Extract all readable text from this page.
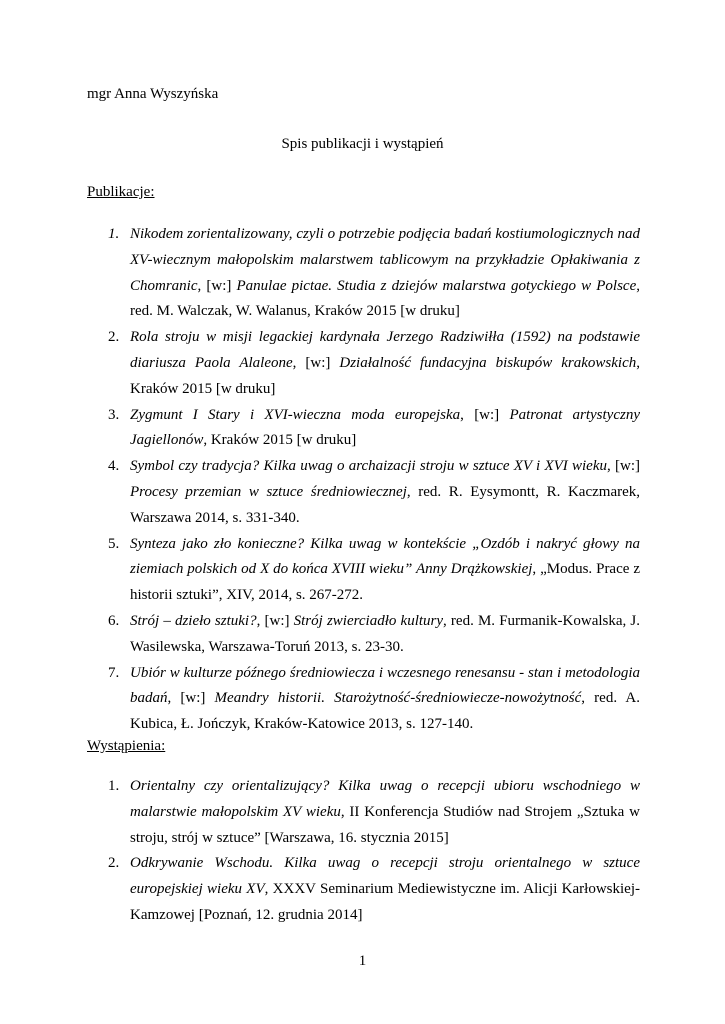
mgr Anna Wyszyńska
Spis publikacji i wystąpień
Publikacje:
1. Nikodem zorientalizowany, czyli o potrzebie podjęcia badań kostiumologicznych nad XV-wiecznym małopolskim malarstwem tablicowym na przykładzie Opłakiwania z Chomranic, [w:] Panulae pictae. Studia z dziejów malarstwa gotyckiego w Polsce, red. M. Walczak, W. Walanus, Kraków 2015 [w druku]
2. Rola stroju w misji legackiej kardynała Jerzego Radziwiłła (1592) na podstawie diariusza Paola Alaleone, [w:] Działalność fundacyjna biskupów krakowskich, Kraków 2015 [w druku]
3. Zygmunt I Stary i XVI-wieczna moda europejska, [w:] Patronat artystyczny Jagiellonów, Kraków 2015 [w druku]
4. Symbol czy tradycja? Kilka uwag o archaizacji stroju w sztuce XV i XVI wieku, [w:] Procesy przemian w sztuce średniowiecznej, red. R. Eysymontt, R. Kaczmarek, Warszawa 2014, s. 331-340.
5. Synteza jako zło konieczne? Kilka uwag w kontekście „Ozdób i nakryć głowy na ziemiach polskich od X do końca XVIII wieku” Anny Drążkowskiej, „Modus. Prace z historii sztuki”, XIV, 2014, s. 267-272.
6. Strój – dzieło sztuki?, [w:] Strój zwierciadło kultury, red. M. Furmanik-Kowalska, J. Wasilewska, Warszawa-Toruń 2013, s. 23-30.
7. Ubiór w kulturze późnego średniowiecza i wczesnego renesansu - stan i metodologia badań, [w:] Meandry historii. Starożytność-średniowiecze-nowożytność, red. A. Kubica, Ł. Jończyk, Kraków-Katowice 2013, s. 127-140.
Wystąpienia:
1. Orientalny czy orientalizujący? Kilka uwag o recepcji ubioru wschodniego w malarstwie małopolskim XV wieku, II Konferencja Studiów nad Strojem „Sztuka w stroju, strój w sztuce” [Warszawa, 16. stycznia 2015]
2. Odkrywanie Wschodu. Kilka uwag o recepcji stroju orientalnego w sztuce europejskiej wieku XV, XXXV Seminarium Mediewistyczne im. Alicji Karłowskiej-Kamzowej [Poznań, 12. grudnia 2014]
1
